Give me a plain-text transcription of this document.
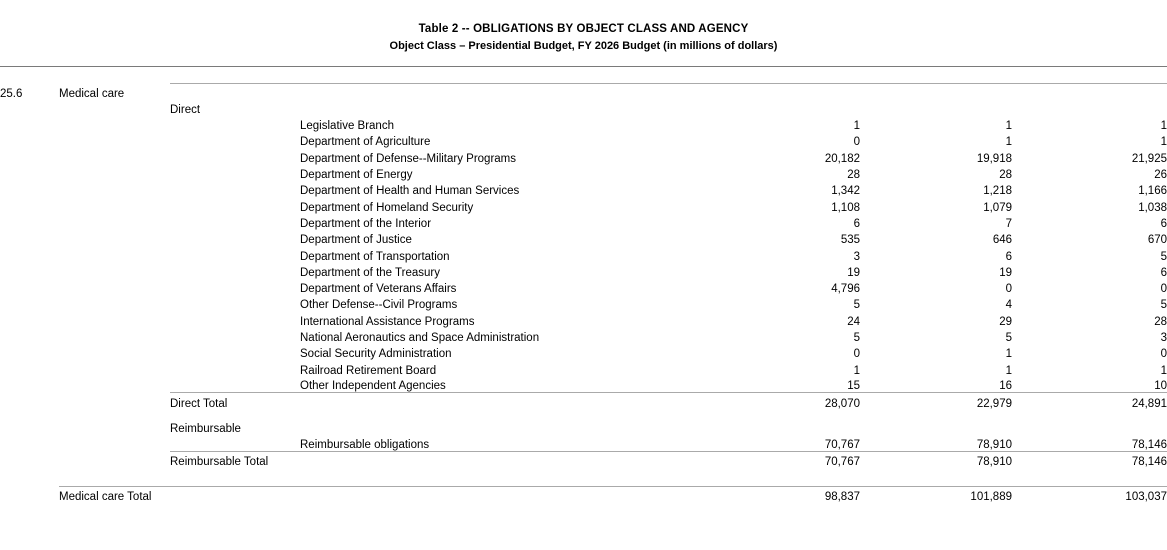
Table 2 -- OBLIGATIONS BY OBJECT CLASS AND AGENCY
Object Class – Presidential Budget, FY 2026 Budget (in millions of dollars)

25.6	Medical care					
		Direct				
			Legislative Branch	1	1	1
			Department of Agriculture	0	1	1
			Department of Defense--Military Programs	20,182	19,918	21,925
			Department of Energy	28	28	26
			Department of Health and Human Services	1,342	1,218	1,166
			Department of Homeland Security	1,108	1,079	1,038
			Department of the Interior	6	7	6
			Department of Justice	535	646	670
			Department of Transportation	3	6	5
			Department of the Treasury	19	19	6
			Department of Veterans Affairs	4,796	0	0
			Other Defense--Civil Programs	5	4	5
			International Assistance Programs	24	29	28
			National Aeronautics and Space Administration	5	5	3
			Social Security Administration	0	1	0
			Railroad Retirement Board	1	1	1
			Other Independent Agencies	15	16	10

		Direct Total		28,070	22,979	24,891

		Reimbursable				
			Reimbursable obligations	70,767	78,910	78,146

		Reimbursable Total		70,767	78,910	78,146

	Medical care Total			98,837	101,889	103,037
